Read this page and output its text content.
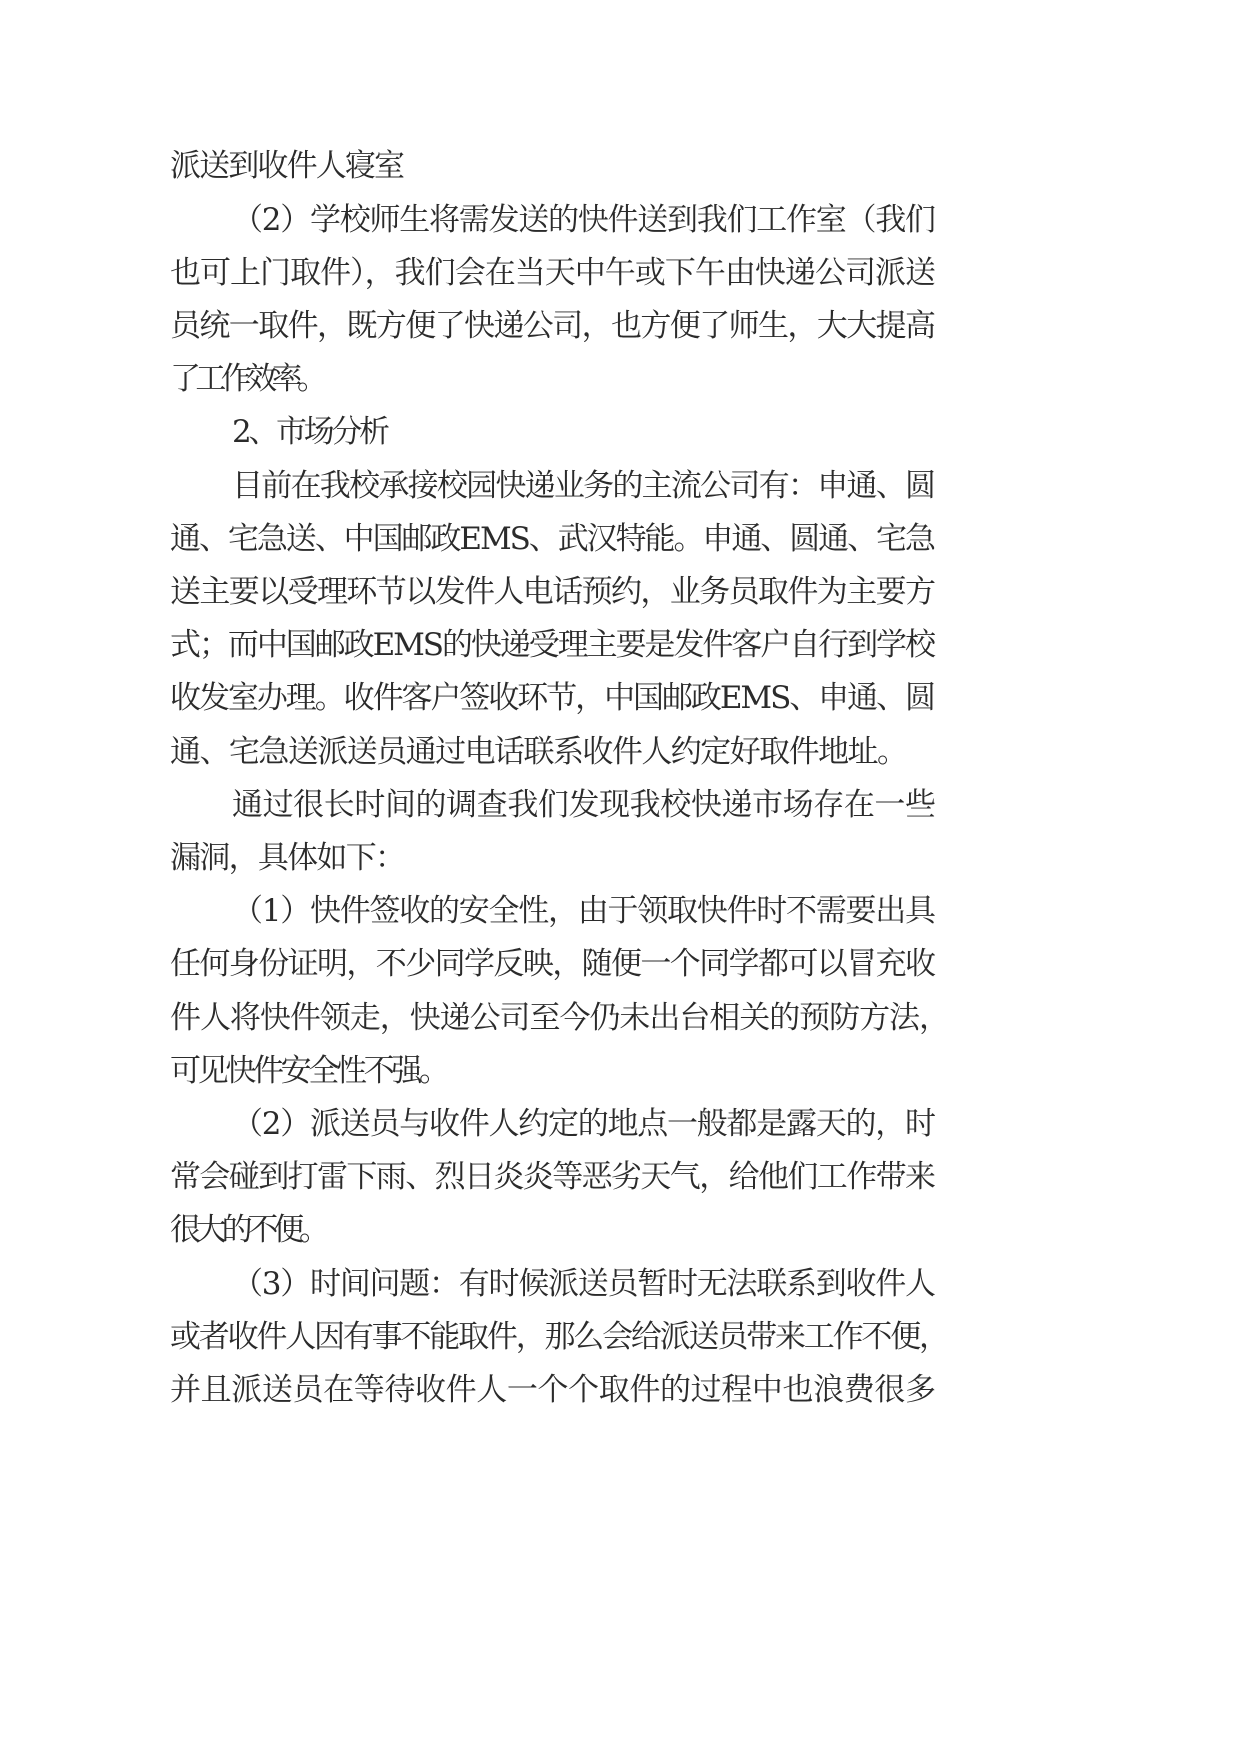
派送到收件人寝室

（2）学校师生将需发送的快件送到我们工作室（我们

也可上门取件），我们会在当天中午或下午由快递公司派送

员统一取件，既方便了快递公司，也方便了师生，大大提高

了工作效率。

2、市场分析

目前在我校承接校园快递业务的主流公司有：申通、圆

通、宅急送、中国邮政EMS、武汉特能。申通、圆通、宅急

送主要以受理环节以发件人电话预约，业务员取件为主要方

式；而中国邮政EMS的快递受理主要是发件客户自行到学校

收发室办理。收件客户签收环节，中国邮政EMS、申通、圆

通、宅急送派送员通过电话联系收件人约定好取件地址。

通过很长时间的调查我们发现我校快递市场存在一些

漏洞，具体如下：

（1）快件签收的安全性，由于领取快件时不需要出具

任何身份证明，不少同学反映，随便一个同学都可以冒充收

件人将快件领走，快递公司至今仍未出台相关的预防方法，

可见快件安全性不强。

（2）派送员与收件人约定的地点一般都是露天的，时

常会碰到打雷下雨、烈日炎炎等恶劣天气，给他们工作带来

很大的不便。

（3）时间问题：有时候派送员暂时无法联系到收件人

或者收件人因有事不能取件，那么会给派送员带来工作不便，

并且派送员在等待收件人一个个取件的过程中也浪费很多
